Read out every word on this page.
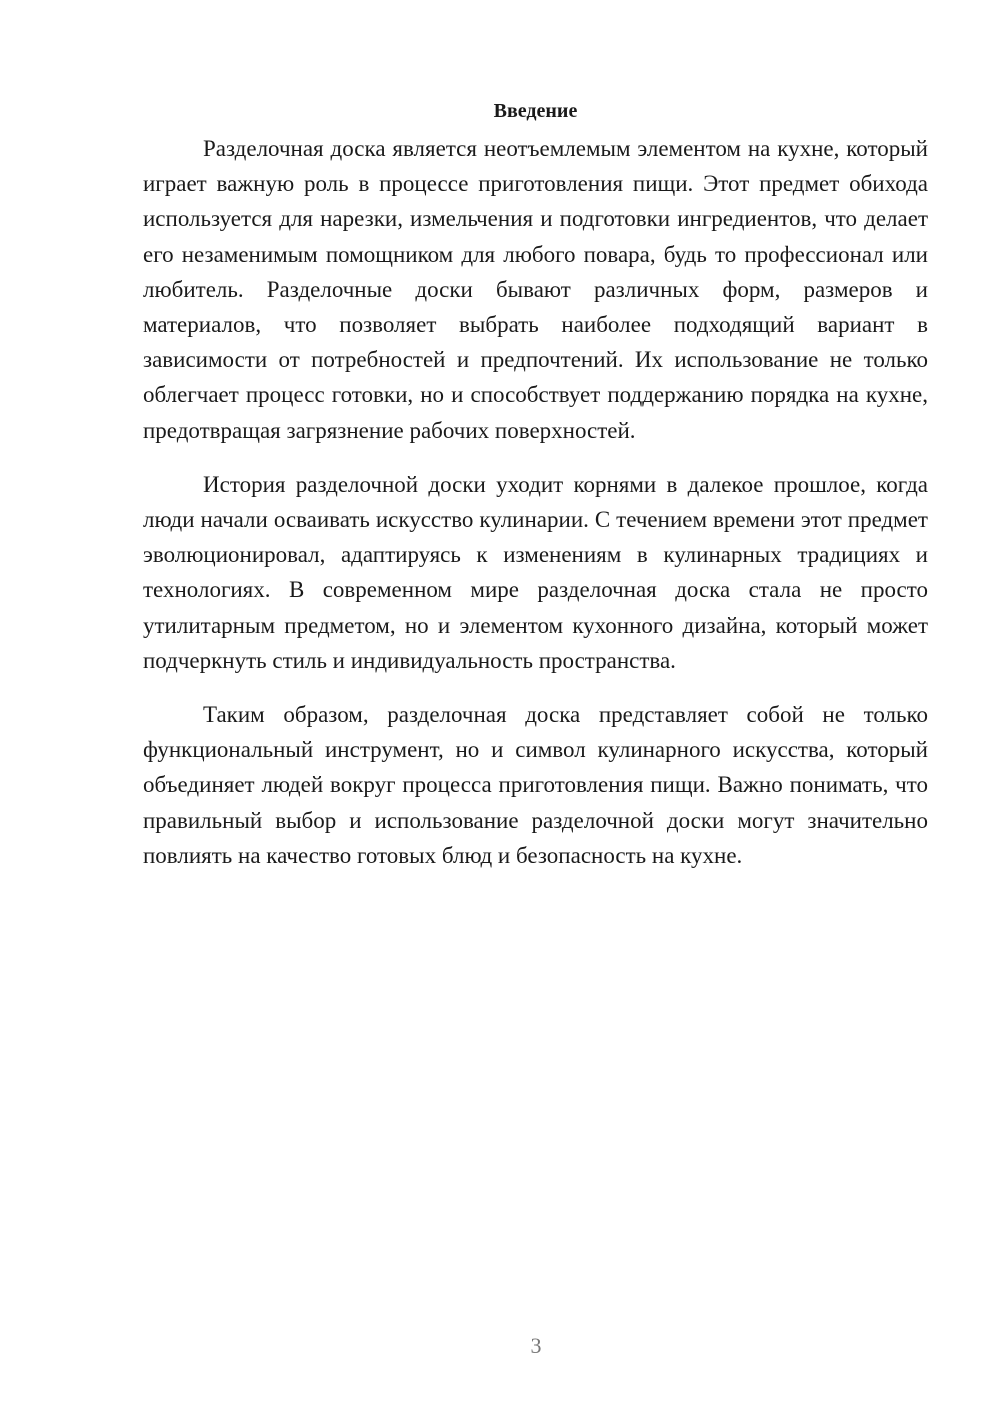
Введение

Разделочная доска является неотъемлемым элементом на кухне, который играет важную роль в процессе приготовления пищи. Этот предмет обихода используется для нарезки, измельчения и подготовки ингредиентов, что делает его незаменимым помощником для любого повара, будь то профессионал или любитель. Разделочные доски бывают различных форм, размеров и материалов, что позволяет выбрать наиболее подходящий вариант в зависимости от потребностей и предпочтений. Их использование не только облегчает процесс готовки, но и способствует поддержанию порядка на кухне, предотвращая загрязнение рабочих поверхностей.

История разделочной доски уходит корнями в далекое прошлое, когда люди начали осваивать искусство кулинарии. С течением времени этот предмет эволюционировал, адаптируясь к изменениям в кулинарных традициях и технологиях. В современном мире разделочная доска стала не просто утилитарным предметом, но и элементом кухонного дизайна, который может подчеркнуть стиль и индивидуальность пространства.

Таким образом, разделочная доска представляет собой не только функциональный инструмент, но и символ кулинарного искусства, который объединяет людей вокруг процесса приготовления пищи. Важно понимать, что правильный выбор и использование разделочной доски могут значительно повлиять на качество готовых блюд и безопасность на кухне.

3
